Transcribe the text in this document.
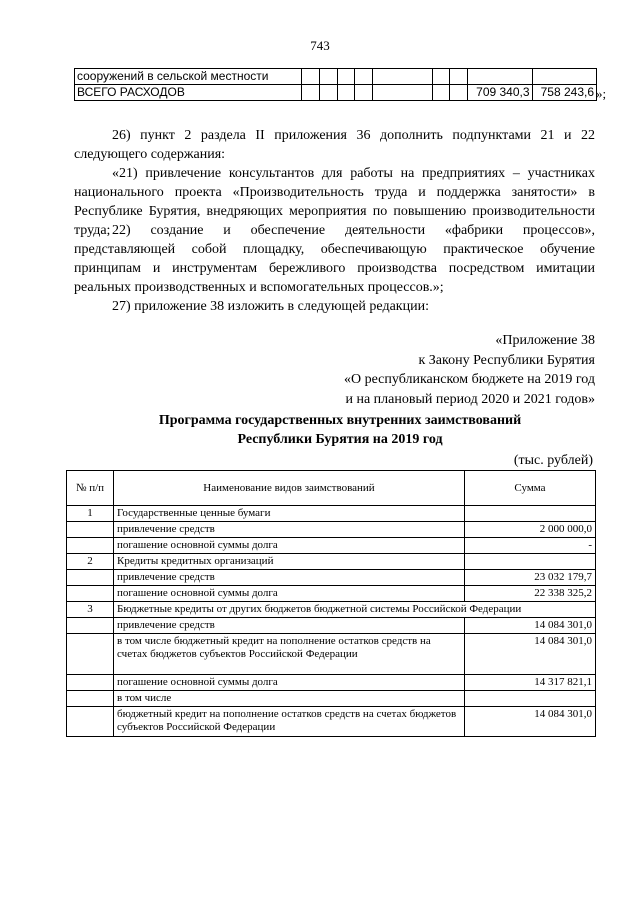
743
сооружений в сельской местности									
ВСЕГО РАСХОДОВ								709 340,3	758 243,6 »;
26) пункт 2 раздела II приложения 36 дополнить подпунктами 21 и 22 следующего содержания:
«21) привлечение консультантов для работы на предприятиях – участниках национального проекта «Производительность труда и поддержка занятости» в Республике Бурятия, внедряющих мероприятия по повышению производительности труда; 22) создание и обеспечение деятельности «фабрики процессов», представляющей собой площадку, обеспечивающую практическое обучение принципам и инструментам бережливого производства посредством имитации реальных производственных и вспомогательных процессов.»;
27) приложение 38 изложить в следующей редакции:
«Приложение 38
к Закону Республики Бурятия
«О республиканском бюджете на 2019 год
и на плановый период 2020 и 2021 годов»
Программа государственных внутренних заимствований
Республики Бурятия на 2019 год
(тыс. рублей)
№ п/п	Наименование видов заимствований	Сумма
1	Государственные ценные бумаги	
	привлечение средств	2 000 000,0
	погашение основной суммы долга	-
2	Кредиты кредитных организаций	
	привлечение средств	23 032 179,7
	погашение основной суммы долга	22 338 325,2
3	Бюджетные кредиты от других бюджетов бюджетной системы Российской Федерации	
	привлечение средств	14 084 301,0
	в том числе бюджетный кредит на пополнение остатков средств на счетах бюджетов субъектов Российской Федерации	14 084 301,0
	погашение основной суммы долга	14 317 821,1
	в том числе	
	бюджетный кредит на пополнение остатков средств на счетах бюджетов субъектов Российской Федерации	14 084 301,0
